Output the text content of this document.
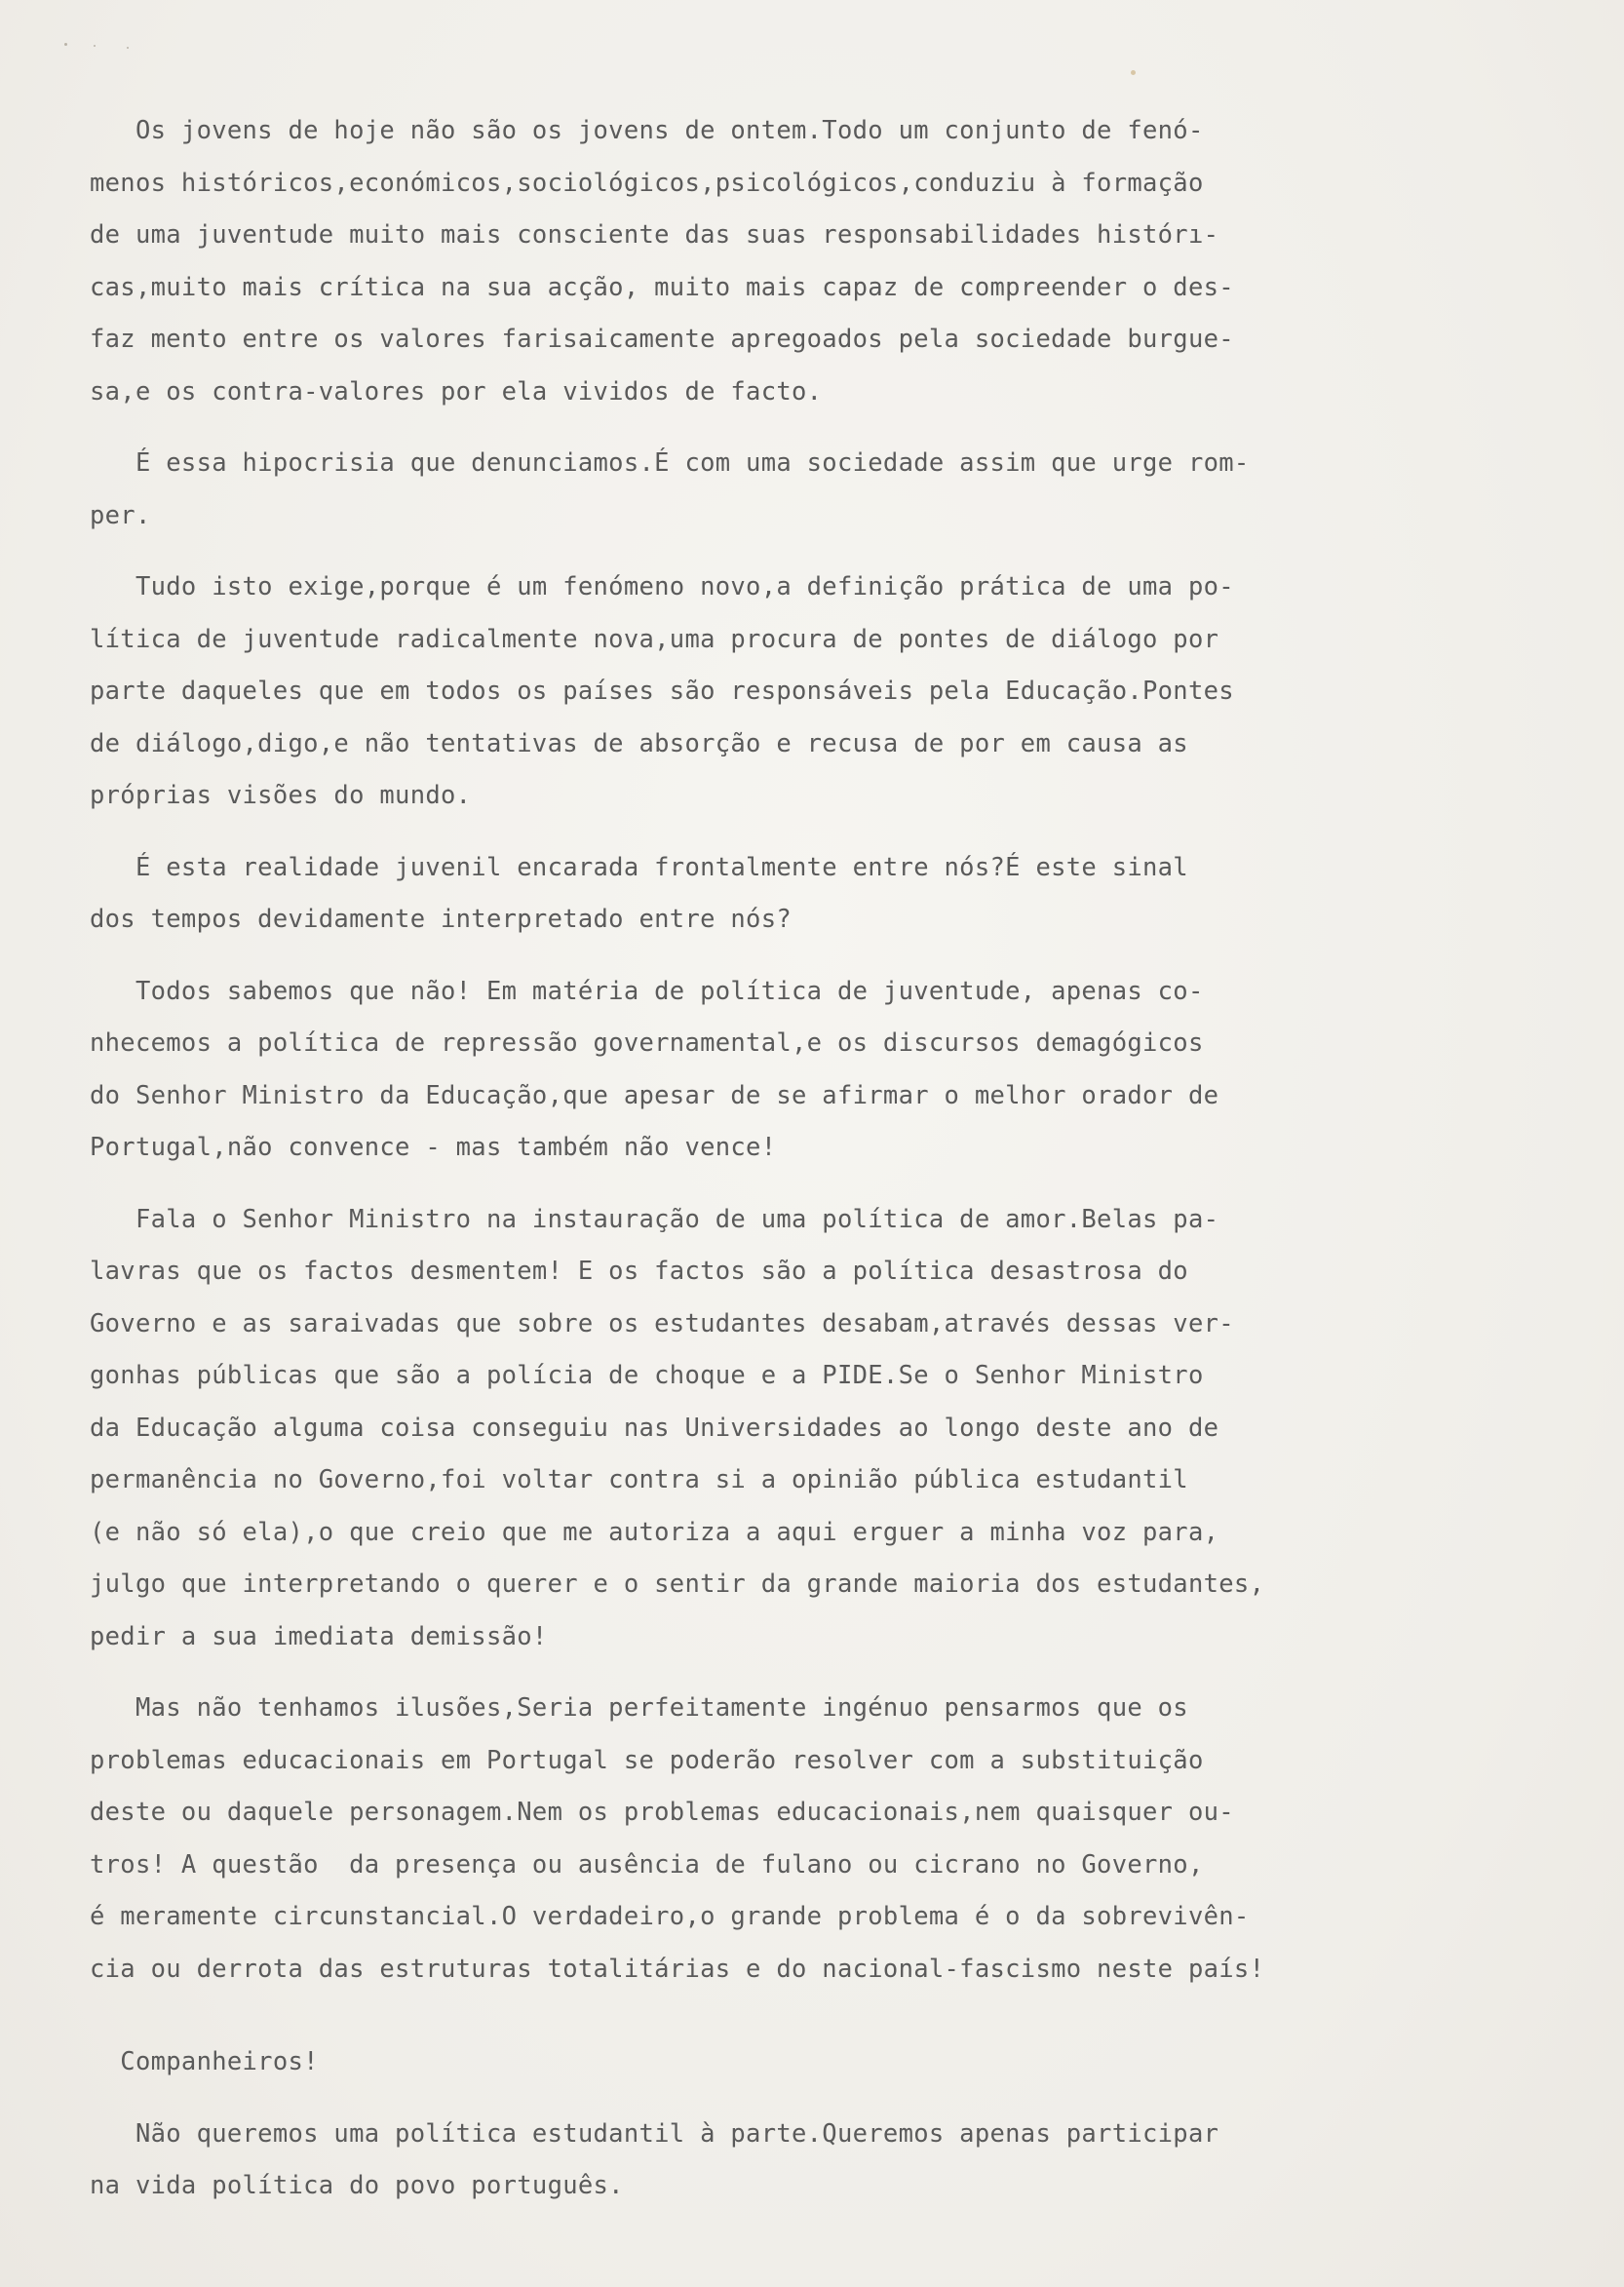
Os jovens de hoje não são os jovens de ontem.Todo um conjunto de fenó-
menos históricos,económicos,sociológicos,psicológicos,conduziu à formação
de uma juventude muito mais consciente das suas responsabilidades histórı-
cas,muito mais crítica na sua acção, muito mais capaz de compreender o des-
faz mento entre os valores farisaicamente apregoados pela sociedade burgue-
sa,e os contra-valores por ela vividos de facto.
É essa hipocrisia que denunciamos.É com uma sociedade assim que urge rom-
per.
Tudo isto exige,porque é um fenómeno novo,a definição prática de uma po-
lítica de juventude radicalmente nova,uma procura de pontes de diálogo por
parte daqueles que em todos os países são responsáveis pela Educação.Pontes
de diálogo,digo,e não tentativas de absorção e recusa de por em causa as
próprias visões do mundo.
É esta realidade juvenil encarada frontalmente entre nós?É este sinal
dos tempos devidamente interpretado entre nós?
Todos sabemos que não! Em matéria de política de juventude, apenas co-
nhecemos a política de repressão governamental,e os discursos demagógicos
do Senhor Ministro da Educação,que apesar de se afirmar o melhor orador de
Portugal,não convence - mas também não vence!
Fala o Senhor Ministro na instauração de uma política de amor.Belas pa-
lavras que os factos desmentem! E os factos são a política desastrosa do
Governo e as saraivadas que sobre os estudantes desabam,através dessas ver-
gonhas públicas que são a polícia de choque e a PIDE.Se o Senhor Ministro
da Educação alguma coisa conseguiu nas Universidades ao longo deste ano de
permanência no Governo,foi voltar contra si a opinião pública estudantil
(e não só ela),o que creio que me autoriza a aqui erguer a minha voz para,
julgo que interpretando o querer e o sentir da grande maioria dos estudantes,
pedir a sua imediata demissão!
Mas não tenhamos ilusões,Seria perfeitamente ingénuo pensarmos que os
problemas educacionais em Portugal se poderão resolver com a substituição
deste ou daquele personagem.Nem os problemas educacionais,nem quaisquer ou-
tros! A questão  da presença ou ausência de fulano ou cicrano no Governo,
é meramente circunstancial.O verdadeiro,o grande problema é o da sobrevivên-
cia ou derrota das estruturas totalitárias e do nacional-fascismo neste país!
Companheiros!
Não queremos uma política estudantil à parte.Queremos apenas participar
na vida política do povo português.
